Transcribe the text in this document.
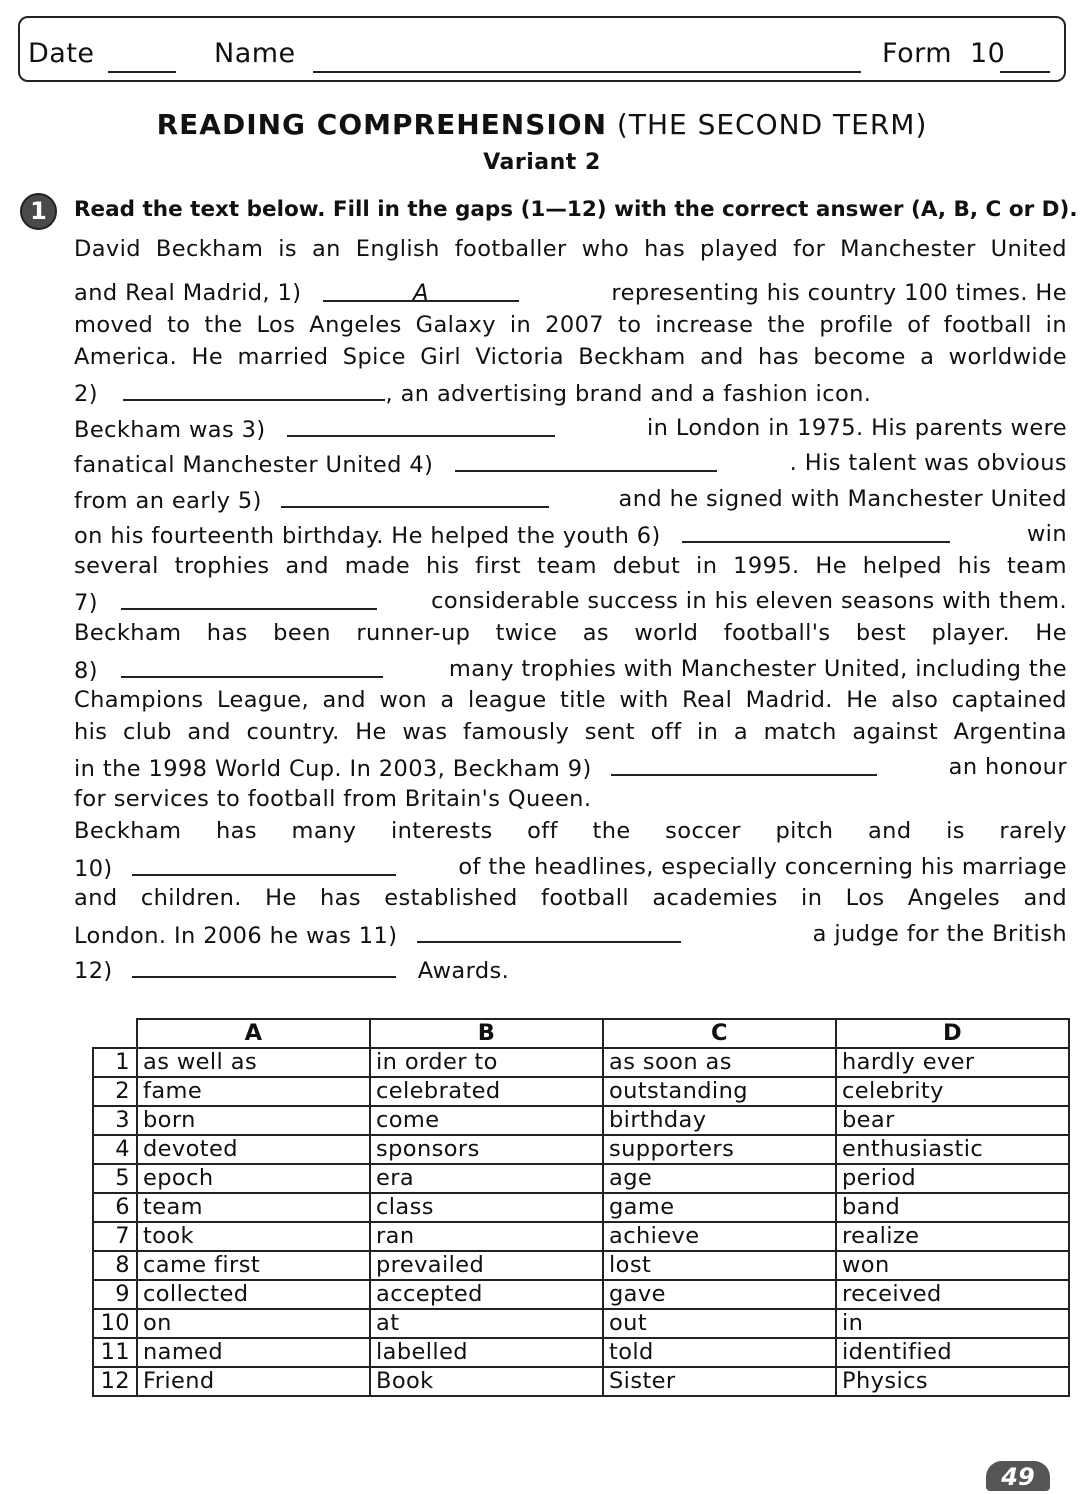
Date	Name	Form 10
READING COMPREHENSION (THE SECOND TERM)
Variant 2
1	Read the text below. Fill in the gaps (1—12) with the correct answer (A, B, C or D).
David Beckham is an English footballer who has played for Manchester United
and Real Madrid, 1)	A	representing his country 100 times. He
moved to the Los Angeles Galaxy in 2007 to increase the profile of football in
America. He married Spice Girl Victoria Beckham and has become a worldwide
2)	, an advertising brand and a fashion icon.
Beckham was 3)	in London in 1975. His parents were
fanatical Manchester United 4)	. His talent was obvious
from an early 5)	and he signed with Manchester United
on his fourteenth birthday. He helped the youth 6)	win
several trophies and made his first team debut in 1995. He helped his team
7)	considerable success in his eleven seasons with them.
Beckham has been runner-up twice as world football's best player. He
8)	many trophies with Manchester United, including the
Champions League, and won a league title with Real Madrid. He also captained
his club and country. He was famously sent off in a match against Argentina
in the 1998 World Cup. In 2003, Beckham 9)	an honour
for services to football from Britain's Queen.
Beckham has many interests off the soccer pitch and is rarely
10)	of the headlines, especially concerning his marriage
and children. He has established football academies in Los Angeles and
London. In 2006 he was 11)	a judge for the British
12)	Awards.
	A	B	C	D
1	as well as	in order to	as soon as	hardly ever
2	fame	celebrated	outstanding	celebrity
3	born	come	birthday	bear
4	devoted	sponsors	supporters	enthusiastic
5	epoch	era	age	period
6	team	class	game	band
7	took	ran	achieve	realize
8	came first	prevailed	lost	won
9	collected	accepted	gave	received
10	on	at	out	in
11	named	labelled	told	identified
12	Friend	Book	Sister	Physics
49
